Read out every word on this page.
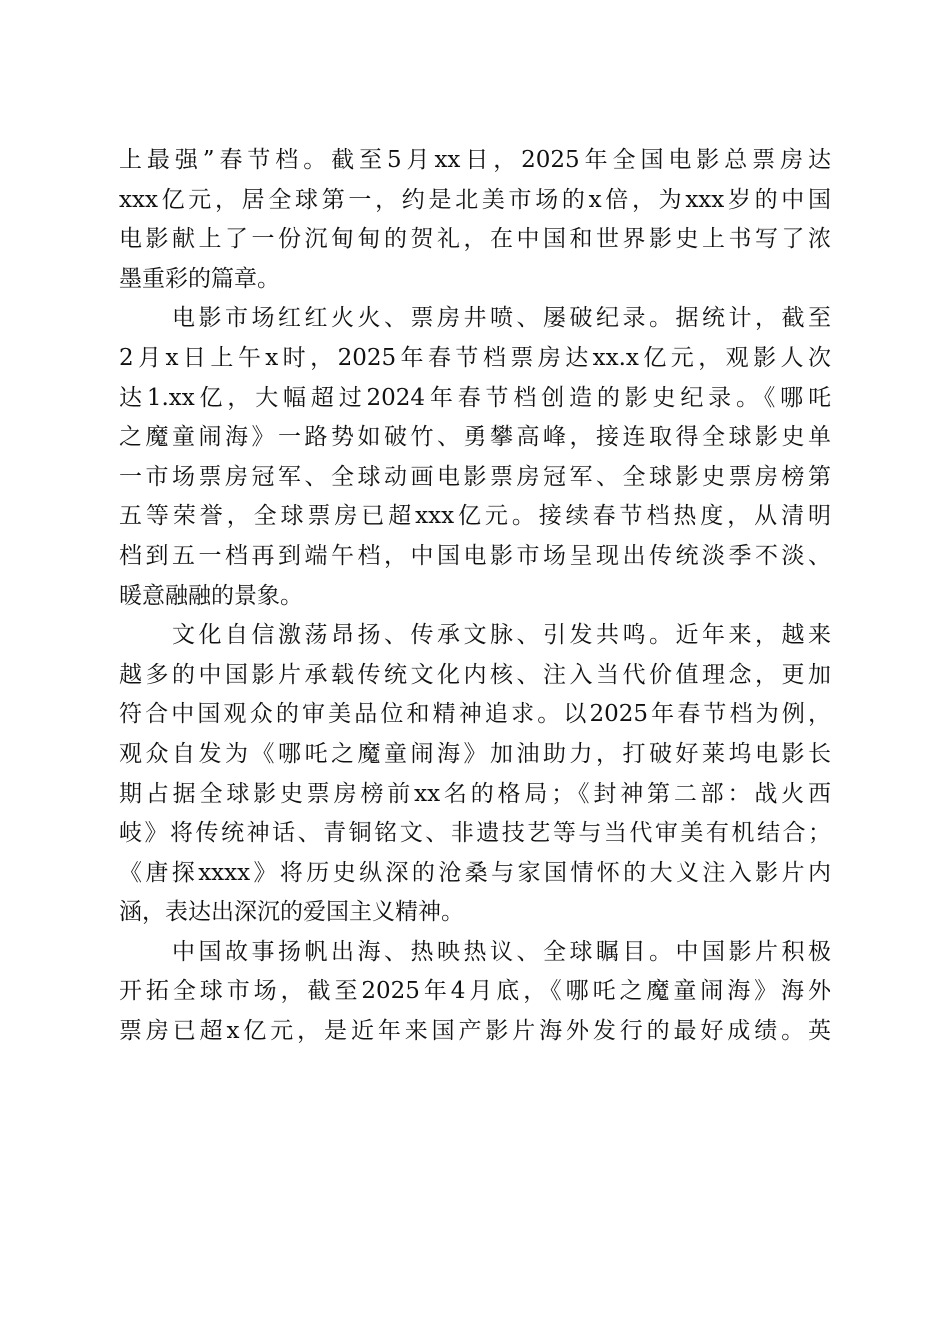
上最强”春节档。截至5月xx日，2025年全国电影总票房达
xxx亿元，居全球第一，约是北美市场的x倍，为xxx岁的中国
电影献上了一份沉甸甸的贺礼，在中国和世界影史上书写了浓
墨重彩的篇章。
　　电影市场红红火火、票房井喷、屡破纪录。据统计，截至
2月x日上午x时，2025年春节档票房达xx.x亿元，观影人次
达1.xx亿，大幅超过2024年春节档创造的影史纪录。《哪吒
之魔童闹海》一路势如破竹、勇攀高峰，接连取得全球影史单
一市场票房冠军、全球动画电影票房冠军、全球影史票房榜第
五等荣誉，全球票房已超xxx亿元。接续春节档热度，从清明
档到五一档再到端午档，中国电影市场呈现出传统淡季不淡、
暖意融融的景象。
　　文化自信激荡昂扬、传承文脉、引发共鸣。近年来，越来
越多的中国影片承载传统文化内核、注入当代价值理念，更加
符合中国观众的审美品位和精神追求。以2025年春节档为例，
观众自发为《哪吒之魔童闹海》加油助力，打破好莱坞电影长
期占据全球影史票房榜前xx名的格局；《封神第二部：战火西
岐》将传统神话、青铜铭文、非遗技艺等与当代审美有机结合；
《唐探xxxx》将历史纵深的沧桑与家国情怀的大义注入影片内
涵，表达出深沉的爱国主义精神。
　　中国故事扬帆出海、热映热议、全球瞩目。中国影片积极
开拓全球市场，截至2025年4月底，《哪吒之魔童闹海》海外
票房已超x亿元，是近年来国产影片海外发行的最好成绩。英
